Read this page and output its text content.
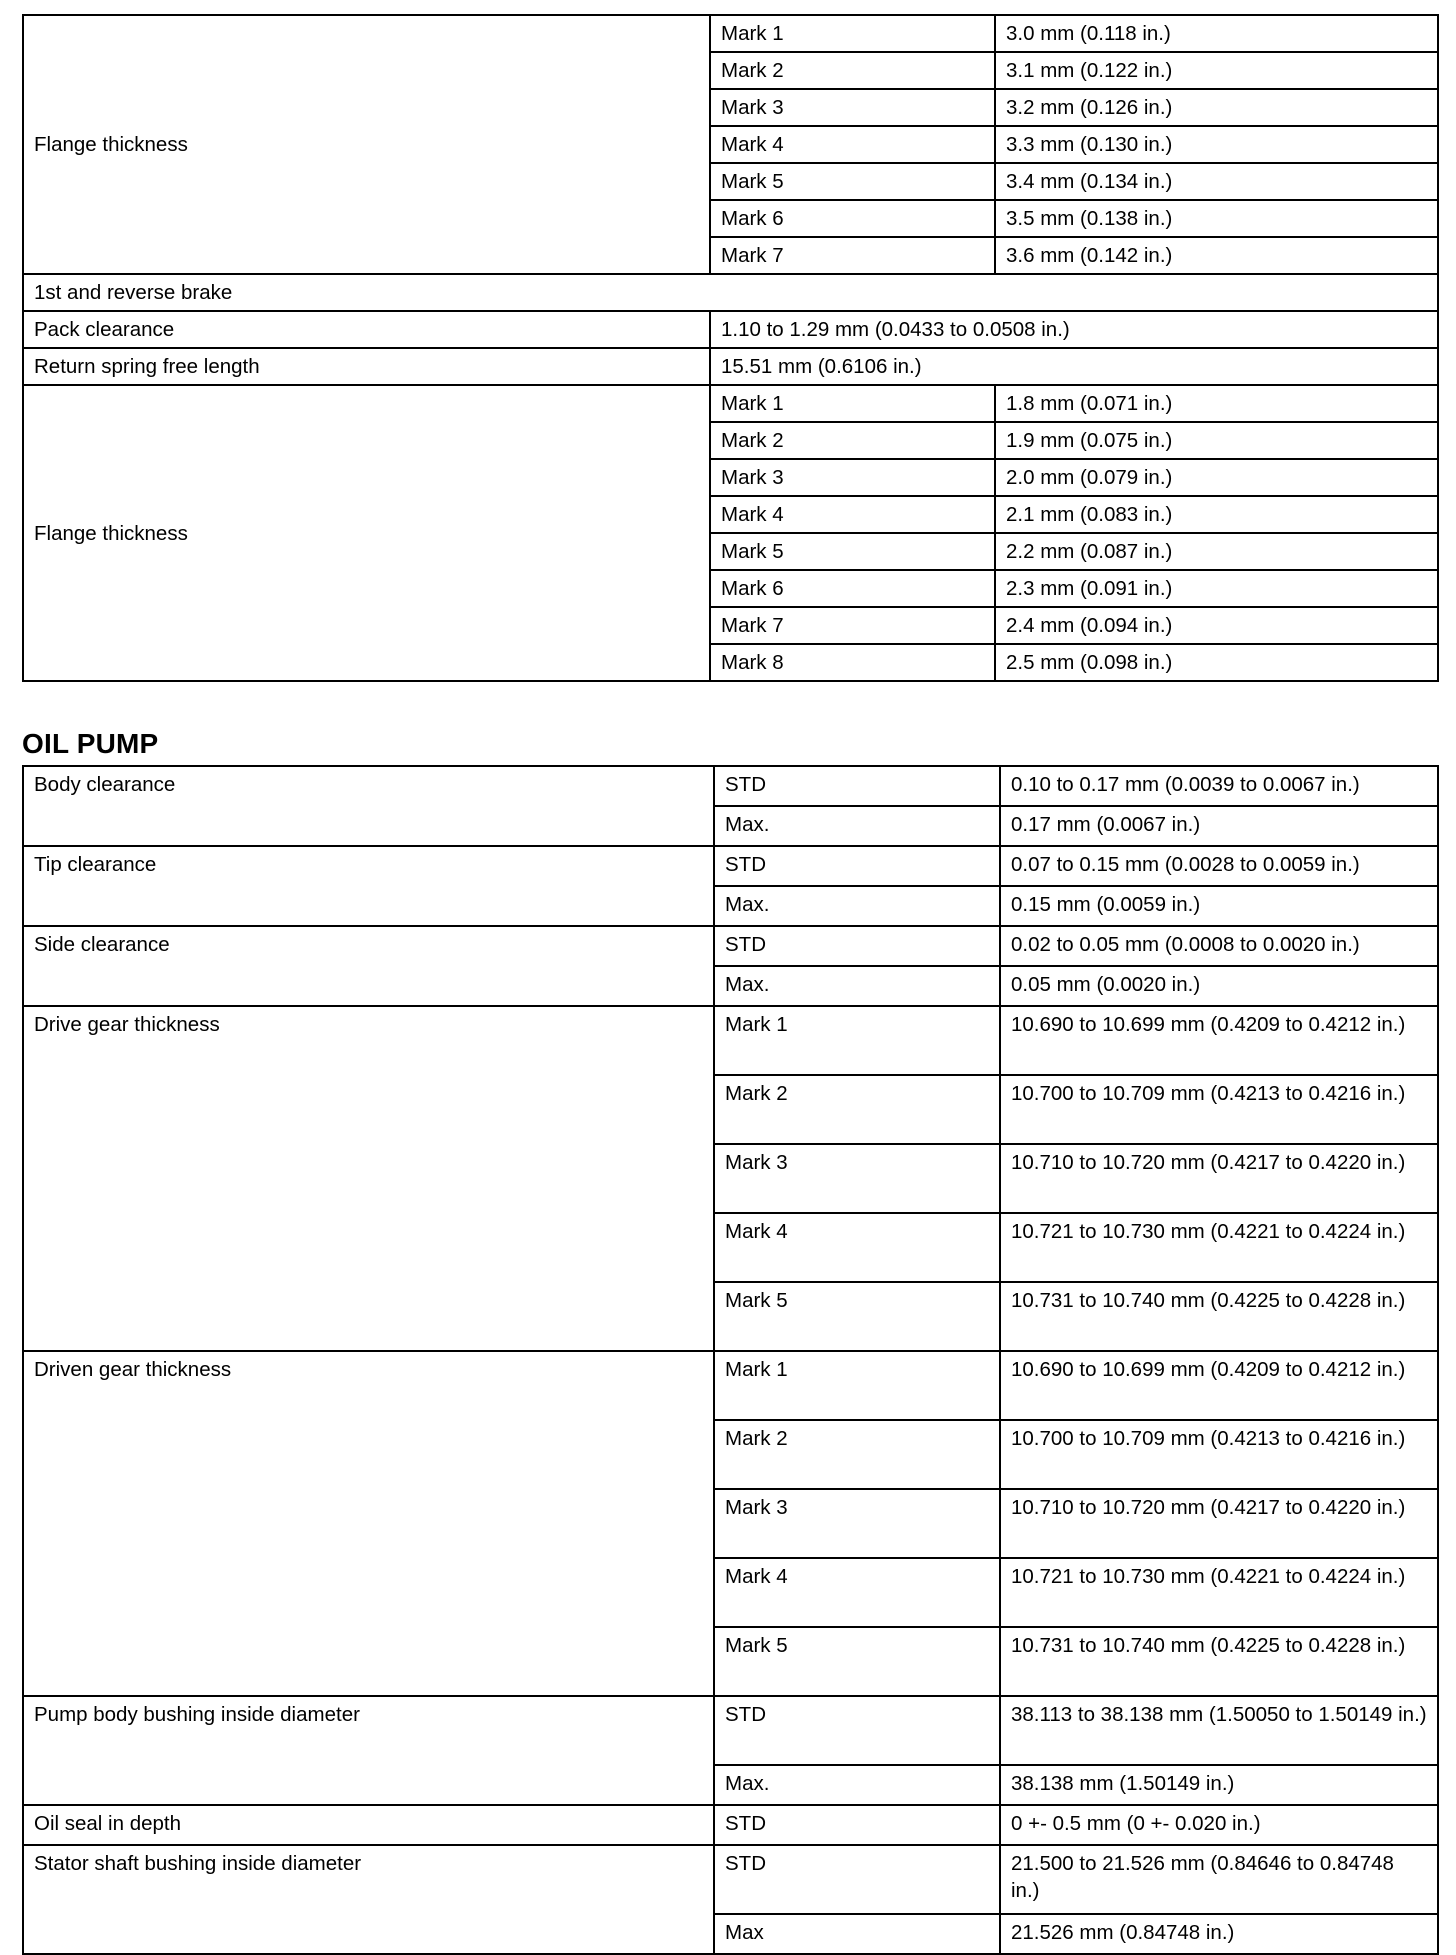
Flange thickness	Mark 1	3.0 mm (0.118 in.)
	Mark 2	3.1 mm (0.122 in.)
	Mark 3	3.2 mm (0.126 in.)
	Mark 4	3.3 mm (0.130 in.)
	Mark 5	3.4 mm (0.134 in.)
	Mark 6	3.5 mm (0.138 in.)
	Mark 7	3.6 mm (0.142 in.)
1st and reverse brake		
Pack clearance	1.10 to 1.29 mm (0.0433 to 0.0508 in.)	
Return spring free length	15.51 mm (0.6106 in.)	
Flange thickness	Mark 1	1.8 mm (0.071 in.)
	Mark 2	1.9 mm (0.075 in.)
	Mark 3	2.0 mm (0.079 in.)
	Mark 4	2.1 mm (0.083 in.)
	Mark 5	2.2 mm (0.087 in.)
	Mark 6	2.3 mm (0.091 in.)
	Mark 7	2.4 mm (0.094 in.)
	Mark 8	2.5 mm (0.098 in.)
OIL PUMP
Body clearance	STD	0.10 to 0.17 mm (0.0039 to 0.0067 in.)
	Max.	0.17 mm (0.0067 in.)
Tip clearance	STD	0.07 to 0.15 mm (0.0028 to 0.0059 in.)
	Max.	0.15 mm (0.0059 in.)
Side clearance	STD	0.02 to 0.05 mm (0.0008 to 0.0020 in.)
	Max.	0.05 mm (0.0020 in.)
Drive gear thickness	Mark 1	10.690 to 10.699 mm (0.4209 to 0.4212 in.)
	Mark 2	10.700 to 10.709 mm (0.4213 to 0.4216 in.)
	Mark 3	10.710 to 10.720 mm (0.4217 to 0.4220 in.)
	Mark 4	10.721 to 10.730 mm (0.4221 to 0.4224 in.)
	Mark 5	10.731 to 10.740 mm (0.4225 to 0.4228 in.)
Driven gear thickness	Mark 1	10.690 to 10.699 mm (0.4209 to 0.4212 in.)
	Mark 2	10.700 to 10.709 mm (0.4213 to 0.4216 in.)
	Mark 3	10.710 to 10.720 mm (0.4217 to 0.4220 in.)
	Mark 4	10.721 to 10.730 mm (0.4221 to 0.4224 in.)
	Mark 5	10.731 to 10.740 mm (0.4225 to 0.4228 in.)
Pump body bushing inside diameter	STD	38.113 to 38.138 mm (1.50050 to 1.50149 in.)
	Max.	38.138 mm (1.50149 in.)
Oil seal in depth	STD	0 +- 0.5 mm (0 +- 0.020 in.)
Stator shaft bushing inside diameter	STD	21.500 to 21.526 mm (0.84646 to 0.84748 in.)
	Max	21.526 mm (0.84748 in.)
